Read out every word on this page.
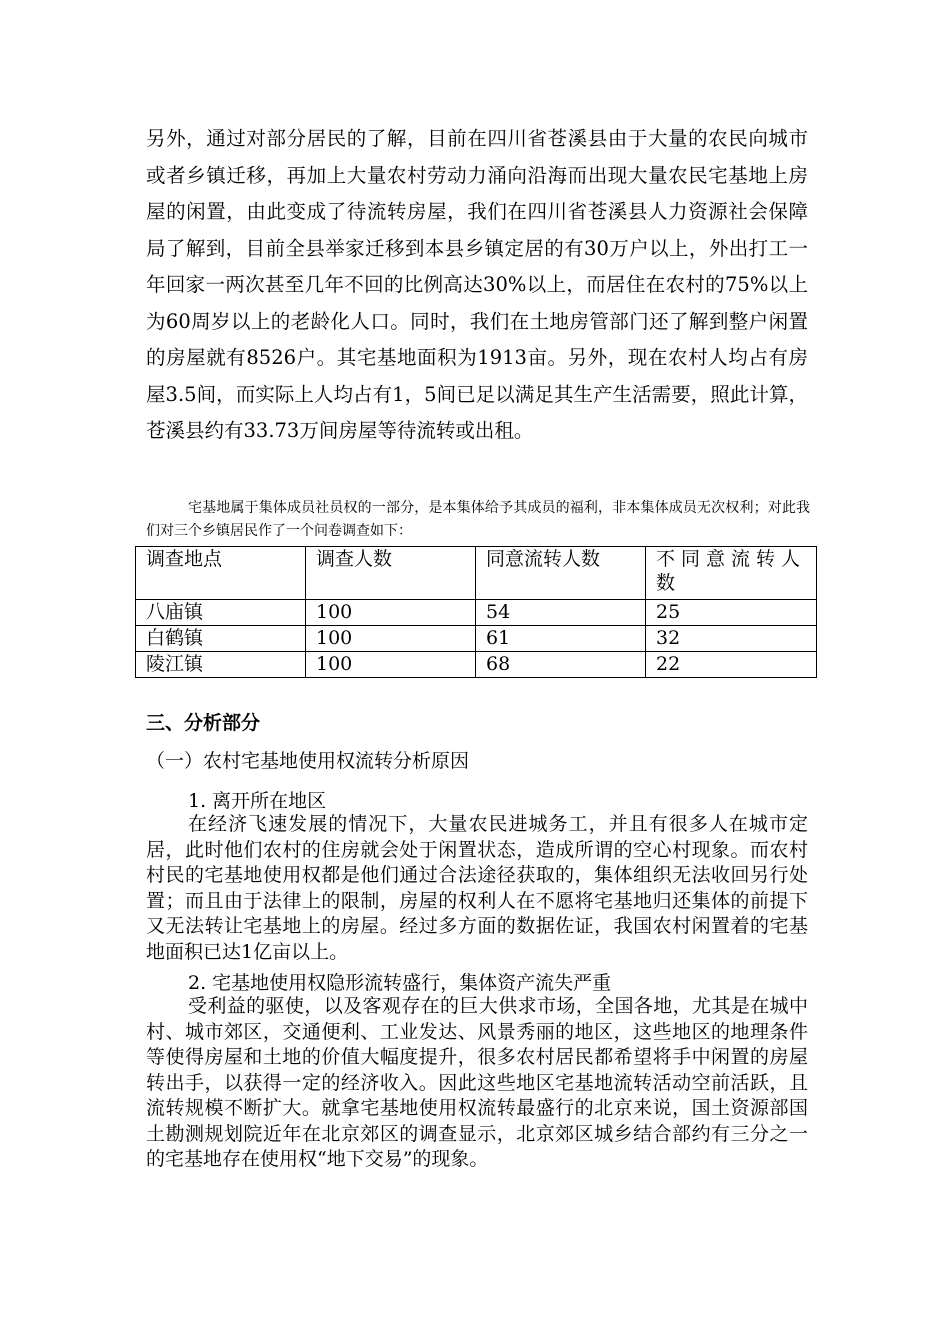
另外，通过对部分居民的了解，目前在四川省苍溪县由于大量的农民向城市或者乡镇迁移，再加上大量农村劳动力涌向沿海而出现大量农民宅基地上房屋的闲置，由此变成了待流转房屋，我们在四川省苍溪县人力资源社会保障局了解到，目前全县举家迁移到本县乡镇定居的有30万户以上，外出打工一年回家一两次甚至几年不回的比例高达30%以上，而居住在农村的75%以上为60周岁以上的老龄化人口。同时，我们在土地房管部门还了解到整户闲置的房屋就有8526户。其宅基地面积为1913亩。另外，现在农村人均占有房屋3.5间，而实际上人均占有1，5间已足以满足其生产生活需要，照此计算，苍溪县约有33.73万间房屋等待流转或出租。

宅基地属于集体成员社员权的一部分，是本集体给予其成员的福利，非本集体成员无次权利；对此我们对三个乡镇居民作了一个问卷调查如下：

调查地点	调查人数	同意流转人数	不同意流转人数
八庙镇	100	54	25
白鹤镇	100	61	32
陵江镇	100	68	22

三、分析部分

（一）农村宅基地使用权流转分析原因

1. 离开所在地区

在经济飞速发展的情况下，大量农民进城务工，并且有很多人在城市定居，此时他们农村的住房就会处于闲置状态，造成所谓的空心村现象。而农村村民的宅基地使用权都是他们通过合法途径获取的，集体组织无法收回另行处置；而且由于法律上的限制，房屋的权利人在不愿将宅基地归还集体的前提下又无法转让宅基地上的房屋。经过多方面的数据佐证，我国农村闲置着的宅基地面积已达1亿亩以上。

2. 宅基地使用权隐形流转盛行，集体资产流失严重

受利益的驱使，以及客观存在的巨大供求市场，全国各地，尤其是在城中村、城市郊区，交通便利、工业发达、风景秀丽的地区，这些地区的地理条件等使得房屋和土地的价值大幅度提升，很多农村居民都希望将手中闲置的房屋转出手，以获得一定的经济收入。因此这些地区宅基地流转活动空前活跃，且流转规模不断扩大。就拿宅基地使用权流转最盛行的北京来说，国土资源部国土勘测规划院近年在北京郊区的调查显示，北京郊区城乡结合部约有三分之一的宅基地存在使用权“地下交易”的现象。
